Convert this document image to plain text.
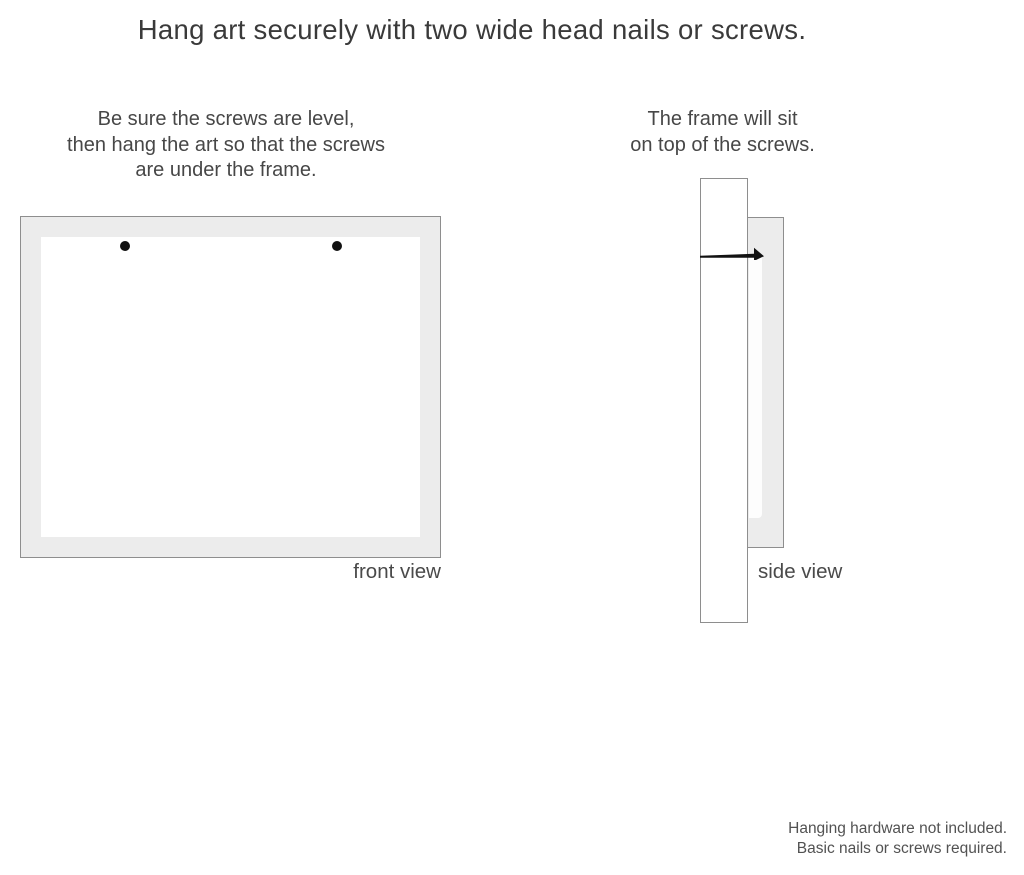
Hang art securely with two wide head nails or screws.
Be sure the screws are level,
then hang the art so that the screws
are under the frame.
The frame will sit
on top of the screws.
front view	side view
Hanging hardware not included.
Basic nails or screws required.
